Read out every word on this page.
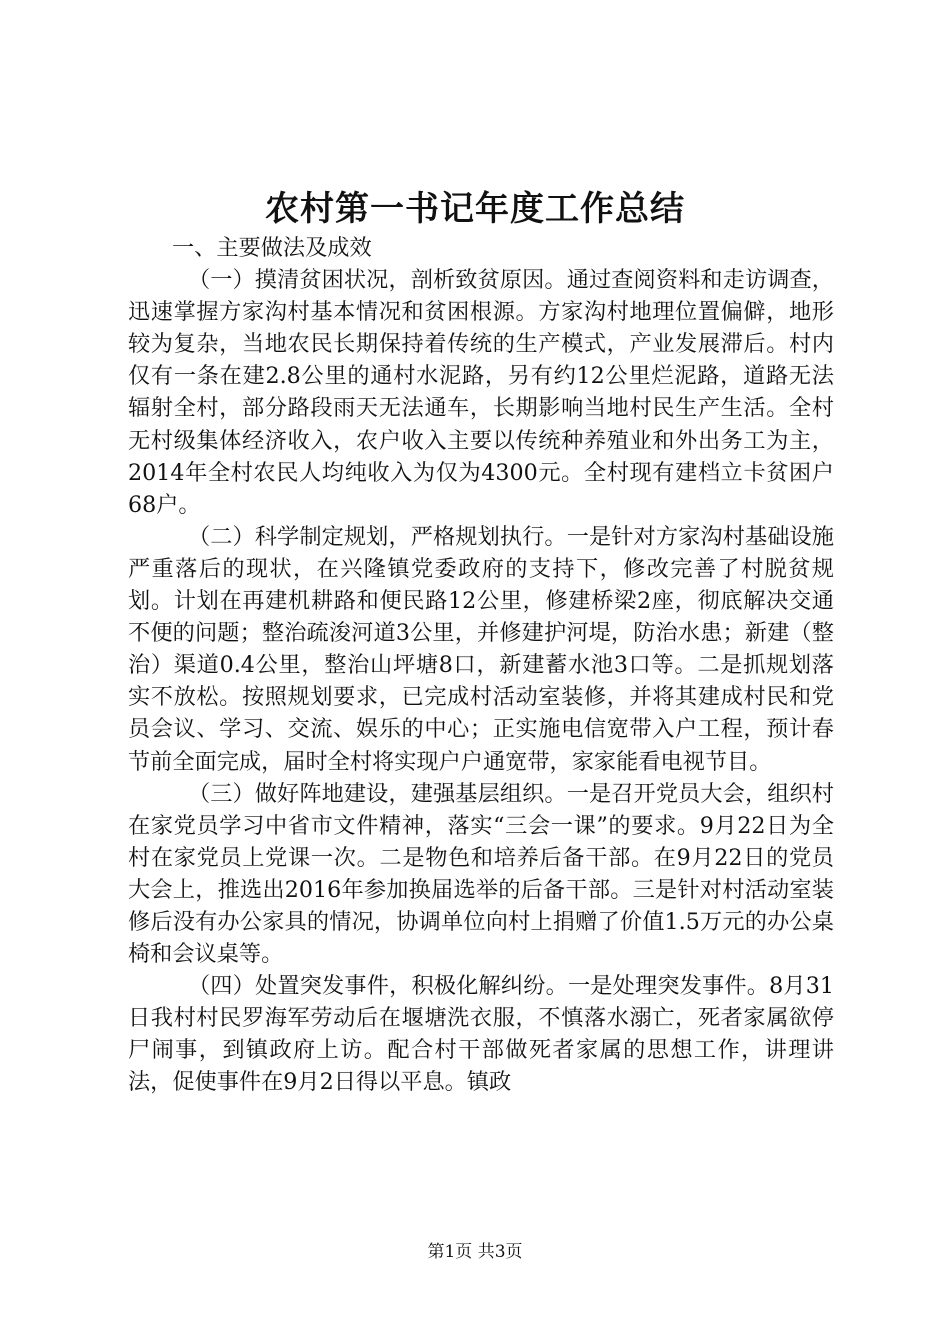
农村第一书记年度工作总结

一、主要做法及成效

（一）摸清贫困状况，剖析致贫原因。通过查阅资料和走访调查，迅速掌握方家沟村基本情况和贫困根源。方家沟村地理位置偏僻，地形较为复杂，当地农民长期保持着传统的生产模式，产业发展滞后。村内仅有一条在建2.8公里的通村水泥路，另有约12公里烂泥路，道路无法辐射全村，部分路段雨天无法通车，长期影响当地村民生产生活。全村无村级集体经济收入，农户收入主要以传统种养殖业和外出务工为主，2014年全村农民人均纯收入为仅为4300元。全村现有建档立卡贫困户68户。

（二）科学制定规划，严格规划执行。一是针对方家沟村基础设施严重落后的现状，在兴隆镇党委政府的支持下，修改完善了村脱贫规划。计划在再建机耕路和便民路12公里，修建桥梁2座，彻底解决交通不便的问题；整治疏浚河道3公里，并修建护河堤，防治水患；新建（整治）渠道0.4公里，整治山坪塘8口，新建蓄水池3口等。二是抓规划落实不放松。按照规划要求，已完成村活动室装修，并将其建成村民和党员会议、学习、交流、娱乐的中心；正实施电信宽带入户工程，预计春节前全面完成，届时全村将实现户户通宽带，家家能看电视节目。

（三）做好阵地建设，建强基层组织。一是召开党员大会，组织村在家党员学习中省市文件精神，落实“三会一课”的要求。9月22日为全村在家党员上党课一次。二是物色和培养后备干部。在9月22日的党员大会上，推选出2016年参加换届选举的后备干部。三是针对村活动室装修后没有办公家具的情况，协调单位向村上捐赠了价值1.5万元的办公桌椅和会议桌等。

（四）处置突发事件，积极化解纠纷。一是处理突发事件。8月31日我村村民罗海军劳动后在堰塘洗衣服，不慎落水溺亡，死者家属欲停尸闹事，到镇政府上访。配合村干部做死者家属的思想工作，讲理讲法，促使事件在9月2日得以平息。镇政

第1页 共3页
